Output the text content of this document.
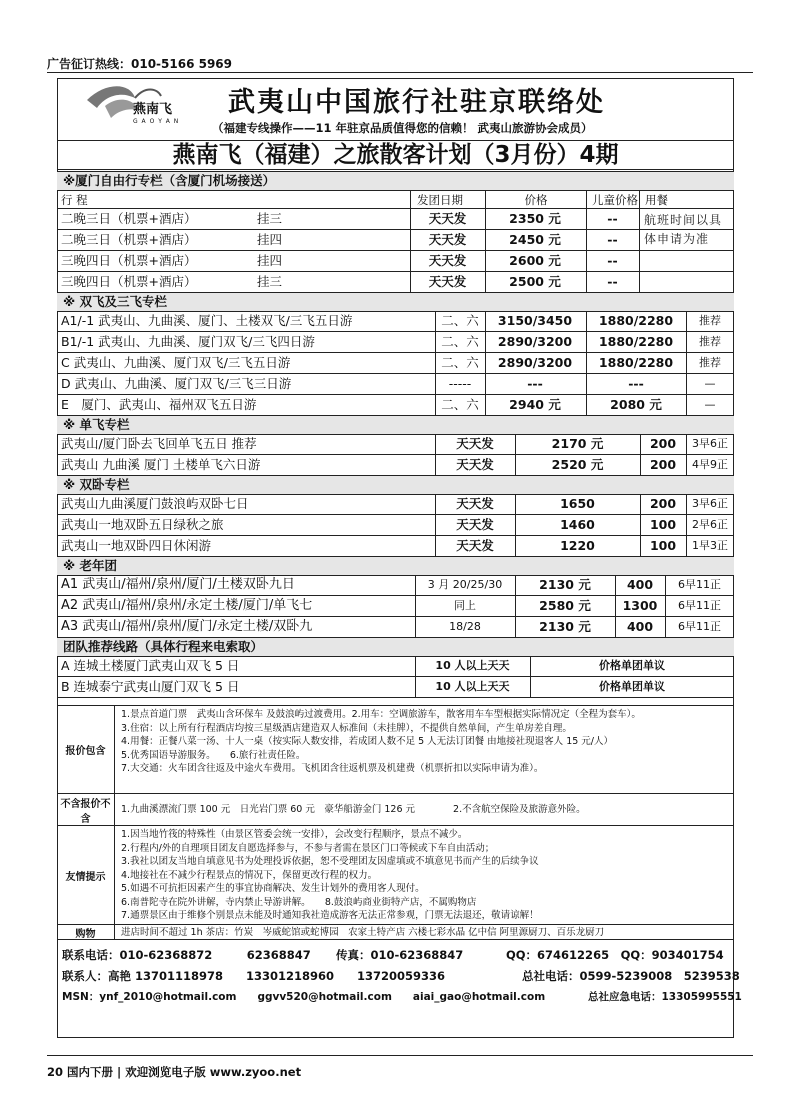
广告征订热线：010-5166 5969
燕南飞
G A O Y A N
武夷山中国旅行社驻京联络处
（福建专线操作——11 年驻京品质值得您的信赖！ 武夷山旅游协会成员）
燕南飞（福建）之旅散客计划（3月份）4期
※厦门自由行专栏（含厦门机场接送）
行 程	发团日期	价格	儿童价格 用餐
二晚三日（机票+酒店）	挂三	天天发	2350 元	--
二晚三日（机票+酒店）	挂四	天天发	2450 元	--
三晚四日（机票+酒店）	挂四	天天发	2600 元	--
三晚四日（机票+酒店）	挂三	天天发	2500 元	--
航班时间以具体申请为准
※ 双飞及三飞专栏
A1/-1 武夷山、九曲溪、厦门、土楼双飞/三飞五日游	二、六	3150/3450	1880/2280	推荐
B1/-1 武夷山、九曲溪、厦门双飞/三飞四日游	二、六	2890/3200	1880/2280	推荐
C 武夷山、九曲溪、厦门双飞/三飞五日游	二、六	2890/3200	1880/2280	推荐
D 武夷山、九曲溪、厦门双飞/三飞三日游	-----	---	---	—
E　厦门、武夷山、福州双飞五日游	二、六	2940 元	2080 元	—
※ 单飞专栏
武夷山/厦门卧去飞回单飞五日 推荐	天天发	2170 元	200	3早6正
武夷山 九曲溪 厦门 土楼单飞六日游	天天发	2520 元	200	4早9正
※ 双卧专栏
武夷山九曲溪厦门鼓浪屿双卧七日	天天发	1650	200	3早6正
武夷山一地双卧五日绿秋之旅	天天发	1460	100	2早6正
武夷山一地双卧四日休闲游	天天发	1220	100	1早3正
※ 老年团
A1 武夷山/福州/泉州/厦门/土楼双卧九日	3 月 20/25/30	2130 元	400	6早11正
A2 武夷山/福州/泉州/永定土楼/厦门/单飞七	同上	2580 元	1300	6早11正
A3 武夷山/福州/泉州/厦门/永定土楼/双卧九	18/28	2130 元	400	6早11正
团队推荐线路（具体行程来电索取）
A 连城土楼厦门武夷山双飞 5 日	10 人以上天天	价格单团单议
B 连城泰宁武夷山厦门双飞 5 日	10 人以上天天	价格单团单议
报价包含
1.景点首道门票　武夷山含环保车 及鼓浪屿过渡费用。2.用车：空调旅游车，散客用车车型根据实际情况定（全程为套车）。
3.住宿：以上所有行程酒店均按三星级酒店建造双人标准间（未挂牌），不提供自然单间，产生单房差自理。
4.用餐：正餐八菜一汤、十人一桌（按实际人数安排，若成团人数不足 5 人无法订团餐 由地接社现退客人 15 元/人）
5.优秀国语导游服务。　　6.旅行社责任险。
7.大交通：火车团含往返及中途火车费用。飞机团含往返机票及机建费（机票折扣以实际申请为准）。
不含报价不含
1.九曲溪漂流门票 100 元　日光岩门票 60 元　豪华船游金门 126 元　　　　2.不含航空保险及旅游意外险。
友情提示
1.因当地竹筏的特殊性（由景区管委会统一安排），会改变行程顺序，景点不减少。
2.行程内/外的自理项目团友自愿选择参与，不参与者需在景区门口等候或下车自由活动；
3.我社以团友当地自填意见书为处理投诉依据，恕不受理团友因虚填或不填意见书而产生的后续争议
4.地接社在不减少行程景点的情况下，保留更改行程的权力。
5.如遇不可抗拒因素产生的事宜协商解决、发生计划外的费用客人现付。
6.南普陀寺在院外讲解，寺内禁止导游讲解。　　8.鼓浪屿商业街特产店，不属购物店
7.通票景区由于维修个别景点未能及时通知我社造成游客无法正常参观，门票无法退还，敬请谅解！
购物	进店时间不超过 1h 茶店：竹炭　岑威蛇馆或蛇博园　农家土特产店 六楼七彩水晶 亿中信 阿里源厨刀、百乐龙厨刀
联系电话：010-62368872　　　62368847 传真：010-62368847	QQ：674612265　QQ：903401754
联系人：高艳 13701118978　　13301218960　　13720059336	总社电话：0599-5239008　5239538
MSN：ynf_2010@hotmail.com　　ggvv520@hotmail.com　　aiai_gao@hotmail.com	总社应急电话：13305995551
20 国内下册 | 欢迎浏览电子版 www.zyoo.net
